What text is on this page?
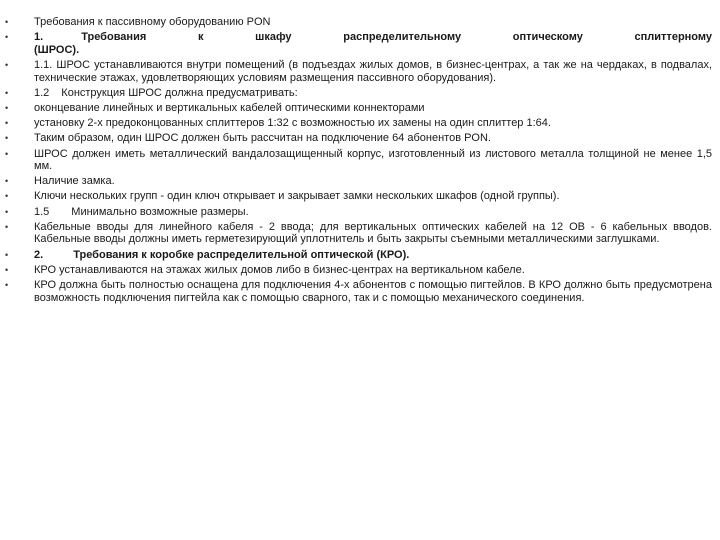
•	Требования к пассивному оборудованию PON
•	1.	Требования к шкафу распределительному оптическому сплиттерному
(ШРОС).
•	1.1. ШРОС устанавливаются внутри помещений (в подъездах жилых домов, в бизнес-центрах, а так же на чердаках, в подвалах, технические этажах, удовлетворяющих условиям размещения пассивного оборудования).
•	1.2 Конструкция ШРОС должна предусматривать:
•	оконцевание линейных и вертикальных кабелей оптическими коннекторами
•	установку 2-х предоконцованных сплиттеров 1:32 с возможностью их замены на один сплиттер 1:64.
•	Таким образом, один ШРОС должен быть рассчитан на подключение 64 абонентов PON.
•	ШРОС должен иметь металлический вандалозащищенный корпус, изготовленный из листового металла толщиной не менее 1,5 мм.
•	Наличие замка.
•	Ключи нескольких групп - один ключ открывает и закрывает замки нескольких шкафов (одной группы).
•	1.5 Минимально возможные размеры.
•	Кабельные вводы для линейного кабеля - 2 ввода; для вертикальных оптических кабелей на 12 ОВ - 6 кабельных вводов. Кабельные вводы должны иметь герметезирующий уплотнитель и быть закрыты съемными металлическими заглушками.
•	2.	Требования к коробке распределительной оптической (КРО).
•	КРО устанавливаются на этажах жилых домов либо в бизнес-центрах на вертикальном кабеле.
•	КРО должна быть полностью оснащена для подключения 4-х абонентов с помощью пигтейлов. В КРО должно быть предусмотрена возможность подключения пигтейла как с помощью сварного, так и с помощью механического соединения.
